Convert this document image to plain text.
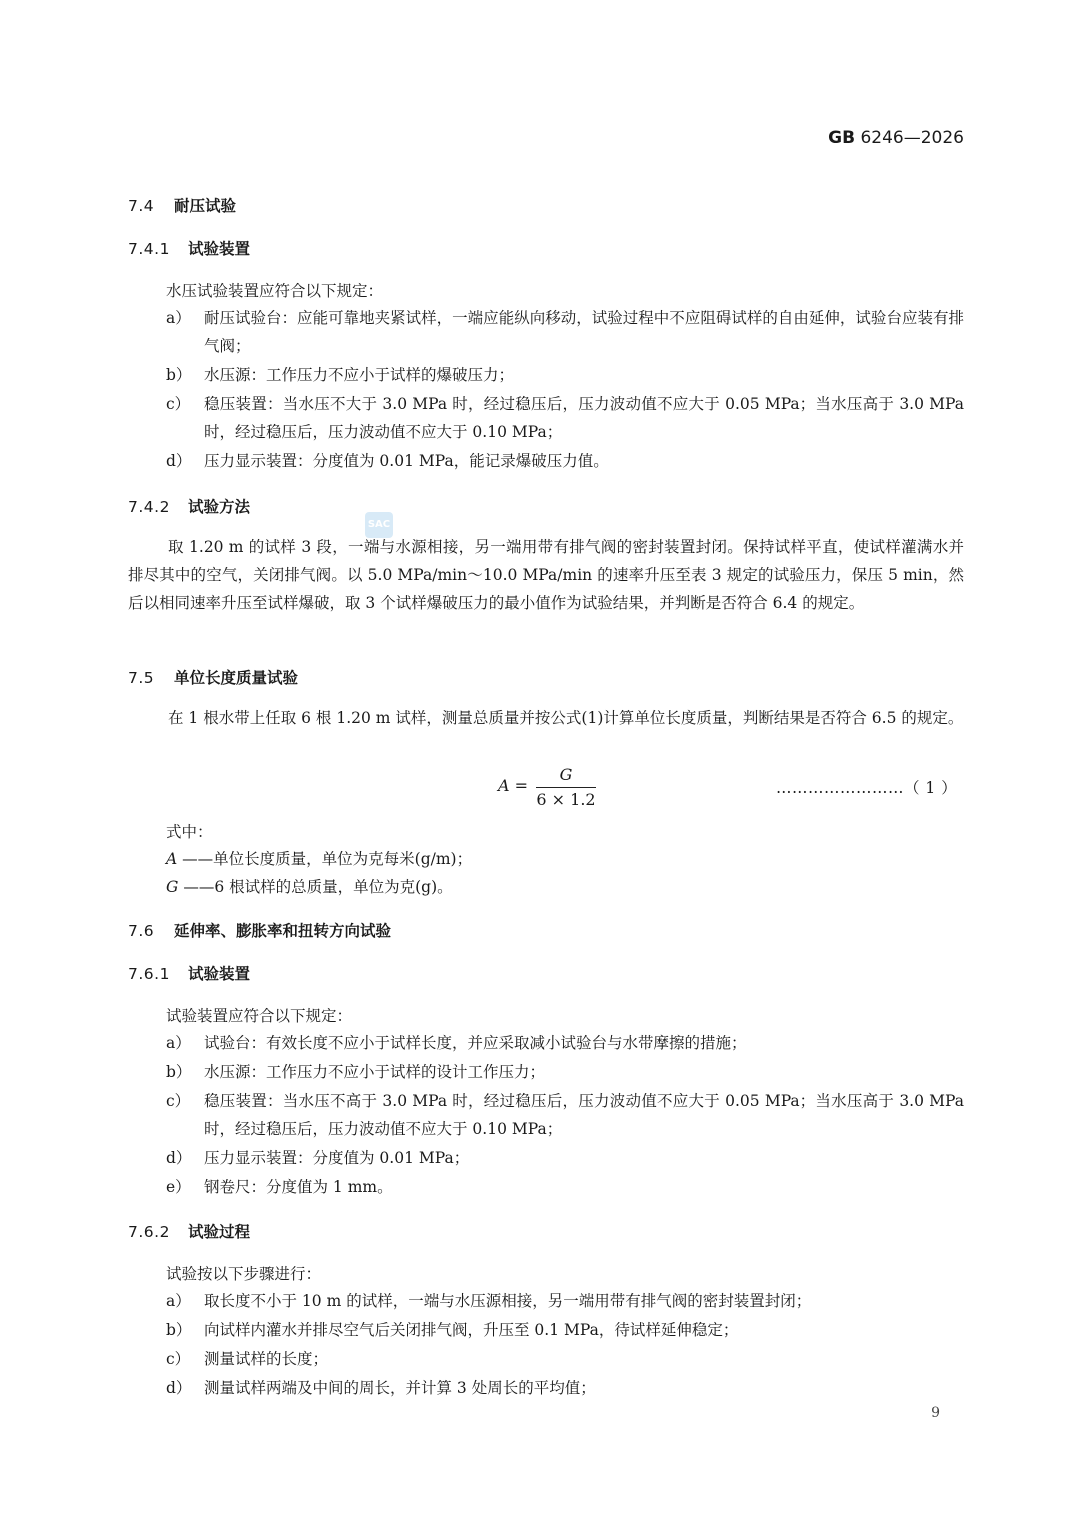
GB 6246—2026
7.4 耐压试验
7.4.1 试验装置
水压试验装置应符合以下规定：
a） 耐压试验台：应能可靠地夹紧试样，一端应能纵向移动，试验过程中不应阻碍试样的自由延伸，试验台应装有排气阀；
b） 水压源：工作压力不应小于试样的爆破压力；
c） 稳压装置：当水压不大于 3.0 MPa 时，经过稳压后，压力波动值不应大于 0.05 MPa；当水压高于 3.0 MPa 时，经过稳压后，压力波动值不应大于 0.10 MPa；
d） 压力显示装置：分度值为 0.01 MPa，能记录爆破压力值。
7.4.2 试验方法
取 1.20 m 的试样 3 段，一端与水源相接，另一端用带有排气阀的密封装置封闭。保持试样平直，使试样灌满水并排尽其中的空气，关闭排气阀。以 5.0 MPa/min～10.0 MPa/min 的速率升压至表 3 规定的试验压力，保压 5 min，然后以相同速率升压至试样爆破，取 3 个试样爆破压力的最小值作为试验结果，并判断是否符合 6.4 的规定。
SAC
7.5 单位长度质量试验
在 1 根水带上任取 6 根 1.20 m 试样，测量总质量并按公式(1)计算单位长度质量，判断结果是否符合 6.5 的规定。
A =
G
6 × 1.2
……………………（ 1 ）
式中：
A ——单位长度质量，单位为克每米(g/m)；
G ——6 根试样的总质量，单位为克(g)。
7.6 延伸率、膨胀率和扭转方向试验
7.6.1 试验装置
试验装置应符合以下规定：
a） 试验台：有效长度不应小于试样长度，并应采取减小试验台与水带摩擦的措施；
b） 水压源：工作压力不应小于试样的设计工作压力；
c） 稳压装置：当水压不高于 3.0 MPa 时，经过稳压后，压力波动值不应大于 0.05 MPa；当水压高于 3.0 MPa 时，经过稳压后，压力波动值不应大于 0.10 MPa；
d） 压力显示装置：分度值为 0.01 MPa；
e） 钢卷尺：分度值为 1 mm。
7.6.2 试验过程
试验按以下步骤进行：
a） 取长度不小于 10 m 的试样，一端与水压源相接，另一端用带有排气阀的密封装置封闭；
b） 向试样内灌水并排尽空气后关闭排气阀，升压至 0.1 MPa，待试样延伸稳定；
c） 测量试样的长度；
d） 测量试样两端及中间的周长，并计算 3 处周长的平均值；
9
